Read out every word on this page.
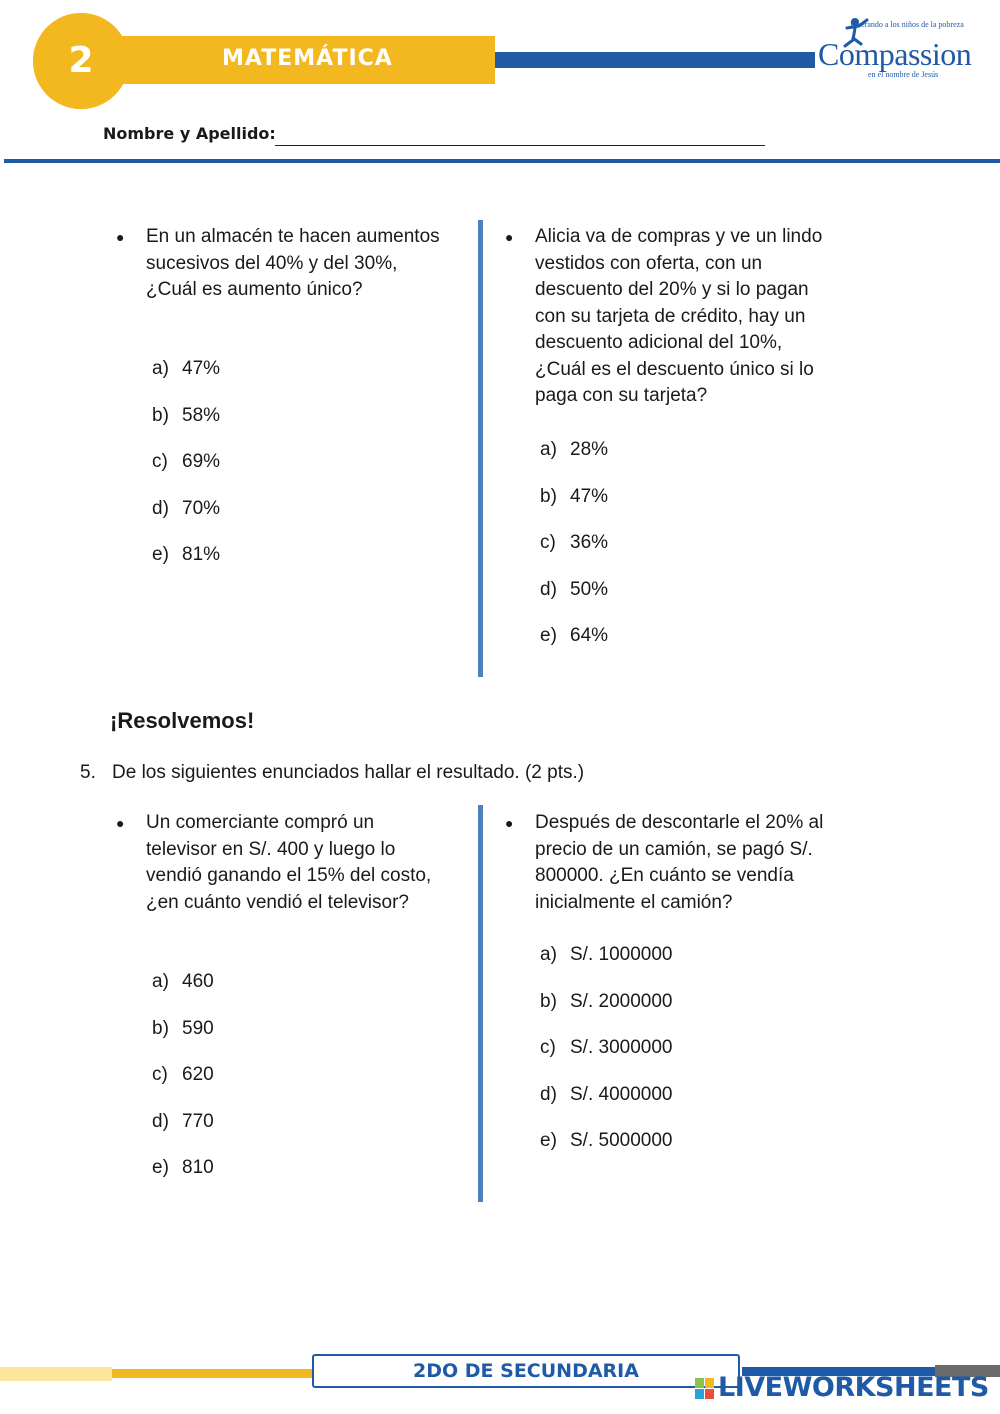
2	MATEMÁTICA
Liberando a los niños de la pobreza
Compassion
en el nombre de Jesús
Nombre y Apellido:
● En un almacén te hacen aumentos sucesivos del 40% y del 30%, ¿Cuál es aumento único?
a) 47%
b) 58%
c) 69%
d) 70%
e) 81%
● Alicia va de compras y ve un lindo vestidos con oferta, con un descuento del 20% y si lo pagan con su tarjeta de crédito, hay un descuento adicional del 10%, ¿Cuál es el descuento único si lo paga con su tarjeta?
a) 28%
b) 47%
c) 36%
d) 50%
e) 64%
¡Resolvemos!
5. De los siguientes enunciados hallar el resultado. (2 pts.)
● Un comerciante compró un televisor en S/. 400 y luego lo vendió ganando el 15% del costo, ¿en cuánto vendió el televisor?
a) 460
b) 590
c) 620
d) 770
e) 810
● Después de descontarle el 20% al precio de un camión, se pagó S/. 800000. ¿En cuánto se vendía inicialmente el camión?
a) S/. 1000000
b) S/. 2000000
c) S/. 3000000
d) S/. 4000000
e) S/. 5000000
2DO DE SECUNDARIA
LIVEWORKSHEETS
